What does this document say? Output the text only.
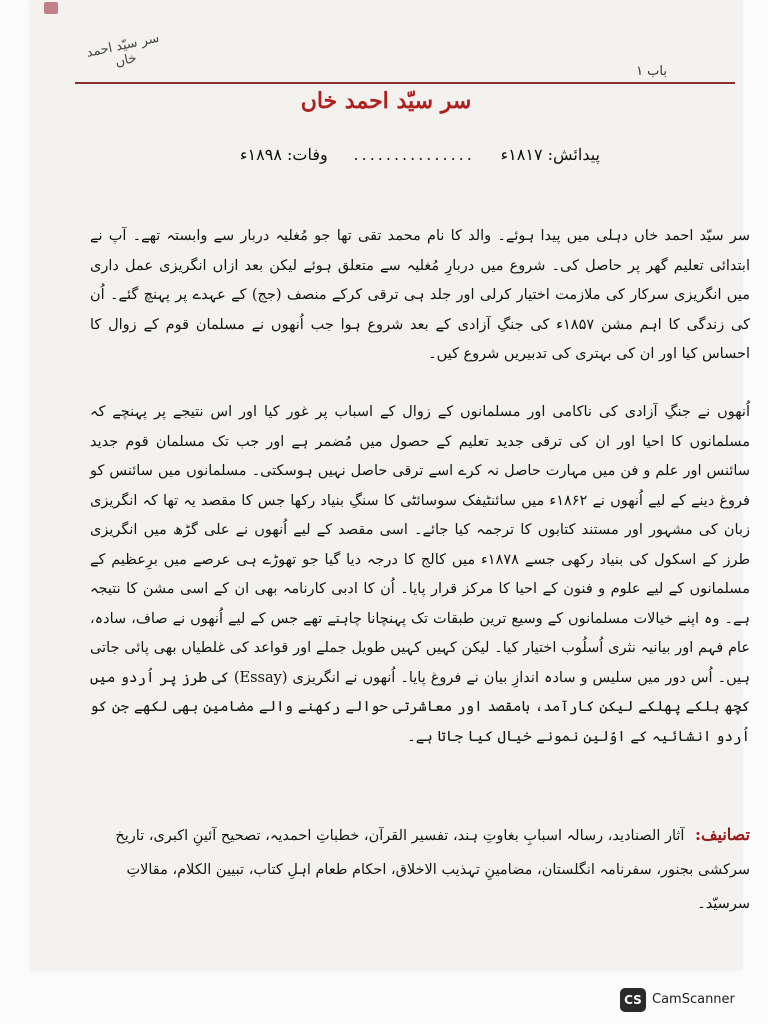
سر سیّد احمد خاں
باب ۱
سر سیّد احمد خاں
پیدائش: ۱۸۱۷ء
...............
وفات: ۱۸۹۸ء
سر سیّد احمد خاں دہلی میں پیدا ہوئے۔ والد کا نام محمد تقی تھا جو مُغلیہ دربار سے وابستہ تھے۔ آپ نے ابتدائی تعلیم گھر پر حاصل کی۔ شروع میں دربارِ مُغلیہ سے متعلق ہوئے لیکن بعد ازاں انگریزی عمل داری میں انگریزی سرکار کی ملازمت اختیار کرلی اور جلد ہی ترقی کرکے منصف (جج) کے عہدے پر پہنچ گئے۔ اُن کی زندگی کا اہم مشن ۱۸۵۷ء کی جنگِ آزادی کے بعد شروع ہوا جب اُنھوں نے مسلمان قوم کے زوال کا احساس کیا اور ان کی بہتری کی تدبیریں شروع کیں۔
اُنھوں نے جنگِ آزادی کی ناکامی اور مسلمانوں کے زوال کے اسباب پر غور کیا اور اس نتیجے پر پہنچے کہ مسلمانوں کا احیا اور ان کی ترقی جدید تعلیم کے حصول میں مُضمر ہے اور جب تک مسلمان قوم جدید سائنس اور علم و فن میں مہارت حاصل نہ کرے اسے ترقی حاصل نہیں ہوسکتی۔ مسلمانوں میں سائنس کو فروغ دینے کے لیے اُنھوں نے ۱۸۶۲ء میں سائنٹیفک سوسائٹی کا سنگِ بنیاد رکھا جس کا مقصد یہ تھا کہ انگریزی زبان کی مشہور اور مستند کتابوں کا ترجمہ کیا جائے۔ اسی مقصد کے لیے اُنھوں نے علی گڑھ میں انگریزی طرز کے اسکول کی بنیاد رکھی جسے ۱۸۷۸ء میں کالج کا درجہ دیا گیا جو تھوڑے ہی عرصے میں برِعظیم کے مسلمانوں کے لیے علوم و فنون کے احیا کا مرکز قرار پایا۔ اُن کا ادبی کارنامہ بھی ان کے اسی مشن کا نتیجہ ہے۔ وہ اپنے خیالات مسلمانوں کے وسیع ترین طبقات تک پہنچانا چاہتے تھے جس کے لیے اُنھوں نے صاف، سادہ، عام فہم اور بیانیہ نثری اُسلُوب اختیار کیا۔ لیکن کہیں کہیں طویل جملے اور قواعد کی غلطیاں بھی پائی جاتی ہیں۔ اُس دور میں سلیس و سادہ اندازِ بیان نے فروغ پایا۔ اُنھوں نے انگریزی (Essay) کی طرز پر اُردو میں کچھ ہلکے پھلکے لیکن کارآمد، بامقصد اور معاشرتی حوالے رکھنے والے مضامین بھی لکھے جن کو اُردو انشائیہ کے اوّلین نمونے خیال کیا جاتا ہے۔
تصانیف: آثار الصنادید، رسالہ اسبابِ بغاوتِ ہند، تفسیر القرآن، خطباتِ احمدیہ، تصحیح آئینِ اکبری، تاریخ سرکشی بجنور، سفرنامہ انگلستان، مضامینِ تہذیب الاخلاق، احکام طعام اہلِ کتاب، تبیین الکلام، مقالاتِ سرسیّد۔
CS CamScanner
